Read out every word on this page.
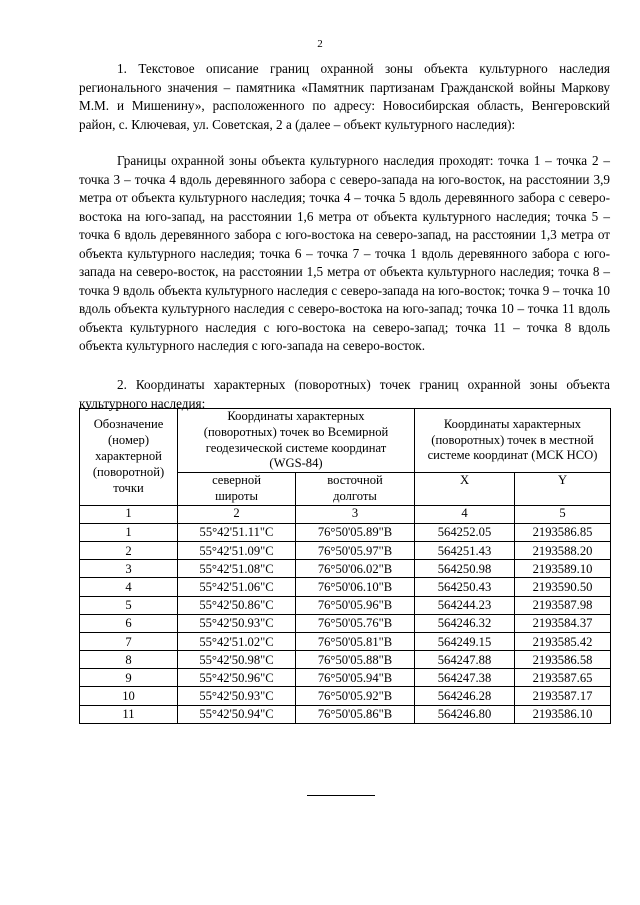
2
1. Текстовое описание границ охранной зоны объекта культурного наследия регионального значения – памятника «Памятник партизанам Гражданской войны Маркову М.М. и Мишенину», расположенного по адресу: Новосибирская область, Венгеровский район, с. Ключевая, ул. Советская, 2 а (далее – объект культурного наследия):
Границы охранной зоны объекта культурного наследия проходят: точка 1 – точка 2 – точка 3 – точка 4 вдоль деревянного забора с северо-запада на юго-восток, на расстоянии 3,9 метра от объекта культурного наследия; точка 4 – точка 5 вдоль деревянного забора с северо-востока на юго-запад, на расстоянии 1,6 метра от объекта культурного наследия; точка 5 – точка 6 вдоль деревянного забора с юго-востока на северо-запад, на расстоянии 1,3 метра от объекта культурного наследия; точка 6 – точка 7 – точка 1 вдоль деревянного забора с юго-запада на северо-восток, на расстоянии 1,5 метра от объекта культурного наследия; точка 8 – точка 9 вдоль объекта культурного наследия с северо-запада на юго-восток; точка 9 – точка 10 вдоль объекта культурного наследия с северо-востока на юго-запад; точка 10 – точка 11 вдоль объекта культурного наследия с юго-востока на северо-запад; точка 11 – точка 8 вдоль объекта культурного наследия с юго-запада на северо-восток.
2. Координаты характерных (поворотных) точек границ охранной зоны объекта культурного наследия:
Обозначение (номер) характерной (поворотной) точки	Координаты характерных (поворотных) точек во Всемирной геодезической системе координат (WGS-84)		Координаты характерных (поворотных) точек в местной системе координат (МСК НСО)	
	северной широты	восточной долготы	X	Y
1	2	3	4	5
1	55°42'51.11"С	76°50'05.89"В	564252.05	2193586.85
2	55°42'51.09"С	76°50'05.97"В	564251.43	2193588.20
3	55°42'51.08"С	76°50'06.02"В	564250.98	2193589.10
4	55°42'51.06"С	76°50'06.10"В	564250.43	2193590.50
5	55°42'50.86"С	76°50'05.96"В	564244.23	2193587.98
6	55°42'50.93"С	76°50'05.76"В	564246.32	2193584.37
7	55°42'51.02"С	76°50'05.81"В	564249.15	2193585.42
8	55°42'50.98"С	76°50'05.88"В	564247.88	2193586.58
9	55°42'50.96"С	76°50'05.94"В	564247.38	2193587.65
10	55°42'50.93"С	76°50'05.92"В	564246.28	2193587.17
11	55°42'50.94"С	76°50'05.86"В	564246.80	2193586.10
